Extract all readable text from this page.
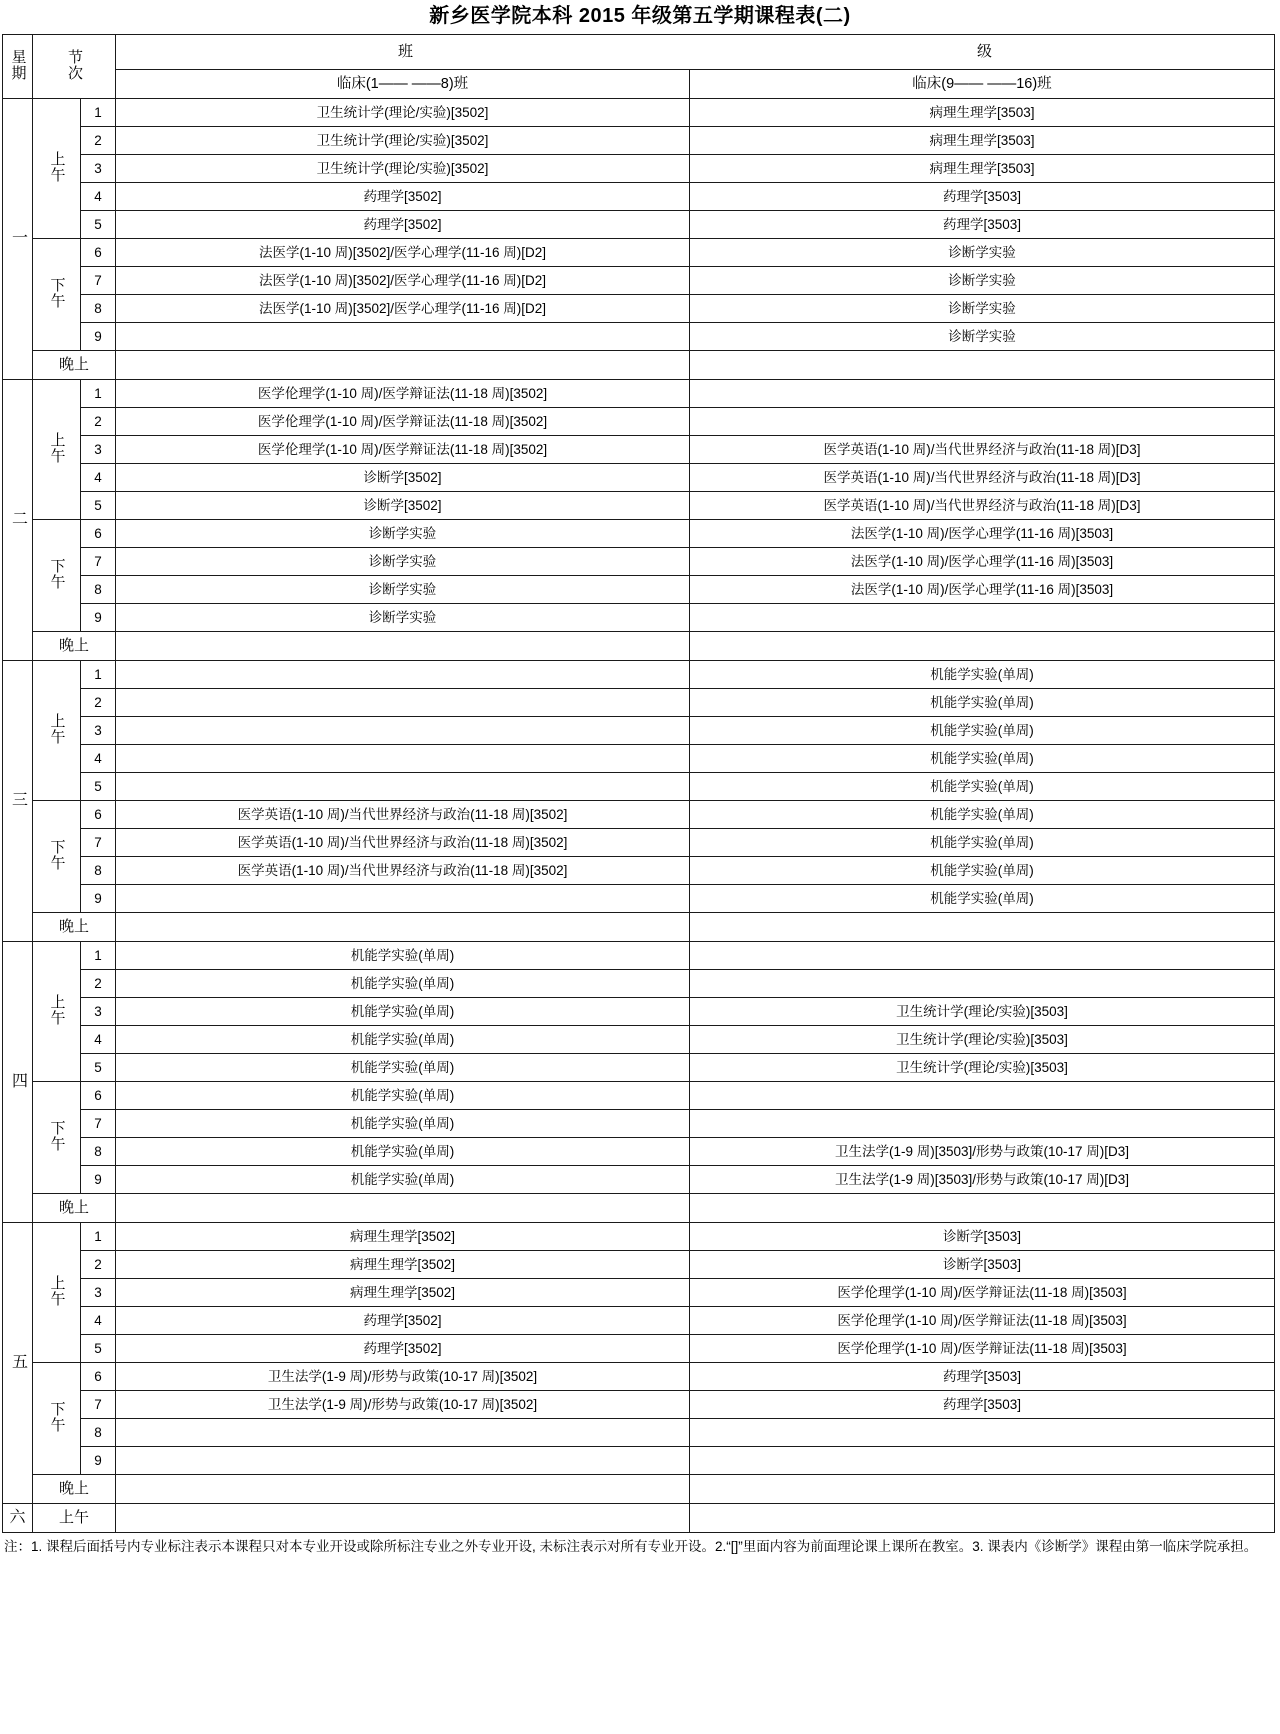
新乡医学院本科 2015 年级第五学期课程表(二)
星期	节次		班 级	

			临床(1—— ——8)班	临床(9—— ——16)班
一	上午	1	卫生统计学(理论/实验)[3502]	病理生理学[3503]
		2	卫生统计学(理论/实验)[3502]	病理生理学[3503]
		3	卫生统计学(理论/实验)[3502]	病理生理学[3503]
		4	药理学[3502]	药理学[3503]
		5	药理学[3502]	药理学[3503]
	下午	6	法医学(1-10 周)[3502]/医学心理学(11-16 周)[D2]	诊断学实验
		7	法医学(1-10 周)[3502]/医学心理学(11-16 周)[D2]	诊断学实验
		8	法医学(1-10 周)[3502]/医学心理学(11-16 周)[D2]	诊断学实验
		9		诊断学实验
	晚上			
二	上午	1	医学伦理学(1-10 周)/医学辩证法(11-18 周)[3502]	
		2	医学伦理学(1-10 周)/医学辩证法(11-18 周)[3502]	
		3	医学伦理学(1-10 周)/医学辩证法(11-18 周)[3502]	医学英语(1-10 周)/当代世界经济与政治(11-18 周)[D3]
		4	诊断学[3502]	医学英语(1-10 周)/当代世界经济与政治(11-18 周)[D3]
		5	诊断学[3502]	医学英语(1-10 周)/当代世界经济与政治(11-18 周)[D3]
	下午	6	诊断学实验	法医学(1-10 周)/医学心理学(11-16 周)[3503]
		7	诊断学实验	法医学(1-10 周)/医学心理学(11-16 周)[3503]
		8	诊断学实验	法医学(1-10 周)/医学心理学(11-16 周)[3503]
		9	诊断学实验	
	晚上			
三	上午	1		机能学实验(单周)
		2		机能学实验(单周)
		3		机能学实验(单周)
		4		机能学实验(单周)
		5		机能学实验(单周)
	下午	6	医学英语(1-10 周)/当代世界经济与政治(11-18 周)[3502]	机能学实验(单周)
		7	医学英语(1-10 周)/当代世界经济与政治(11-18 周)[3502]	机能学实验(单周)
		8	医学英语(1-10 周)/当代世界经济与政治(11-18 周)[3502]	机能学实验(单周)
		9		机能学实验(单周)
	晚上			
四	上午	1	机能学实验(单周)	
		2	机能学实验(单周)	
		3	机能学实验(单周)	卫生统计学(理论/实验)[3503]
		4	机能学实验(单周)	卫生统计学(理论/实验)[3503]
		5	机能学实验(单周)	卫生统计学(理论/实验)[3503]
	下午	6	机能学实验(单周)	
		7	机能学实验(单周)	
		8	机能学实验(单周)	卫生法学(1-9 周)[3503]/形势与政策(10-17 周)[D3]
		9	机能学实验(单周)	卫生法学(1-9 周)[3503]/形势与政策(10-17 周)[D3]
	晚上			
五	上午	1	病理生理学[3502]	诊断学[3503]
		2	病理生理学[3502]	诊断学[3503]
		3	病理生理学[3502]	医学伦理学(1-10 周)/医学辩证法(11-18 周)[3503]
		4	药理学[3502]	医学伦理学(1-10 周)/医学辩证法(11-18 周)[3503]
		5	药理学[3502]	医学伦理学(1-10 周)/医学辩证法(11-18 周)[3503]
	下午	6	卫生法学(1-9 周)/形势与政策(10-17 周)[3502]	药理学[3503]
		7	卫生法学(1-9 周)/形势与政策(10-17 周)[3502]	药理学[3503]
		8		
		9		
	晚上			
六	上午			
注：1. 课程后面括号内专业标注表示本课程只对本专业开设或除所标注专业之外专业开设, 未标注表示对所有专业开设。2.“[]”里面内容为前面理论课上课所在教室。3. 课表内《诊断学》课程由第一临床学院承担。
